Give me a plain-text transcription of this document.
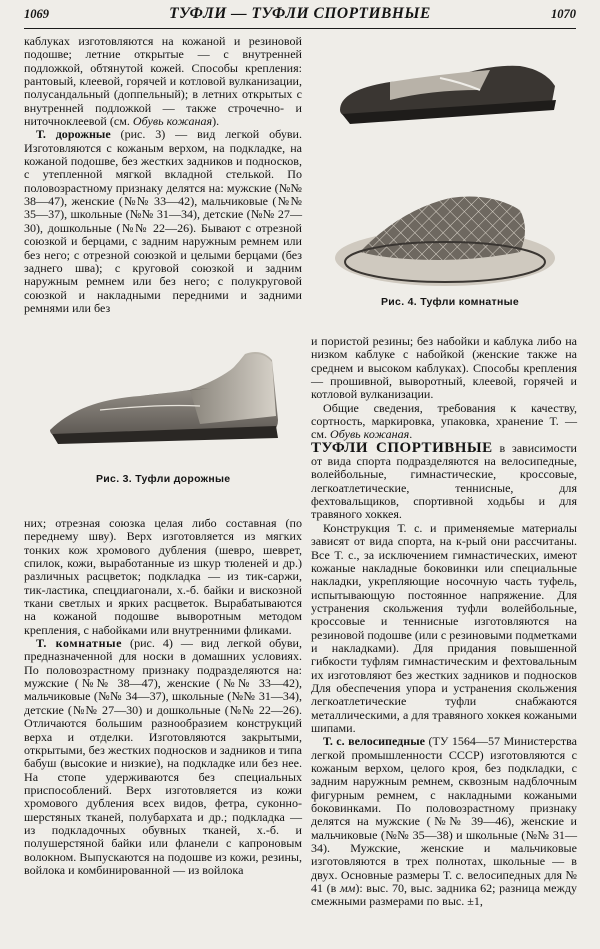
1069	ТУФЛИ — ТУФЛИ СПОРТИВНЫЕ	1070

каблуках изготовляются на кожаной и резиновой подошве; летние открытые — с внутренней подложкой, обтянутой кожей. Способы крепления: рантовый, клеевой, горячей и котловой вулканизации, полусандальный (доппельный); в летних открытых с внутренней подложкой — также строчечно- и ниточноклеевой (см. Обувь кожаная).

Т. дорожные (рис. 3) — вид легкой обуви. Изготовляются с кожаным верхом, на подкладке, на кожаной подошве, без жестких задников и подносков, с утепленной мягкой вкладной стелькой. По половозрастному признаку делятся на: мужские (№№ 38—47), женские (№№ 33—42), мальчиковые (№№ 35—37), школьные (№№ 31—34), детские (№№ 27—30), дошкольные (№№ 22—26). Бывают с отрезной союзкой и берцами, с задним наружным ремнем или без него; с отрезной союзкой и целыми берцами (без заднего шва); с круговой союзкой и задним наружным ремнем или без него; с полукруговой союзкой и накладными передними и задними ремнями или без

Рис. 3. Туфли дорожные

них; отрезная союзка целая либо составная (по переднему шву). Верх изготовляется из мягких тонких кож хромового дубления (шевро, шеврет, спилок, кожи, выработанные из шкур тюленей и др.) различных расцветок; подкладка — из тик-саржи, тик-ластика, спецдиагонали, х.-б. байки и вискозной ткани светлых и ярких расцветок. Вырабатываются на кожаной подошве выворотным методом крепления, с набойками или внутренними фликами.

Т. комнатные (рис. 4) — вид легкой обуви, предназначенной для носки в домашних условиях. По половозрастному признаку подразделяются на: мужские (№№ 38—47), женские (№№ 33—42), мальчиковые (№№ 34—37), школьные (№№ 31—34), детские (№№ 27—30) и дошкольные (№№ 22—26). Отличаются большим разнообразием конструкций верха и отделки. Изготовляются закрытыми, открытыми, без жестких подносков и задников и типа бабуш (высокие и низкие), на подкладке или без нее. На стопе удерживаются без специальных приспособлений. Верх изготовляется из кожи хромового дубления всех видов, фетра, суконно-шерстяных тканей, полубархата и др.; подкладка — из подкладочных обувных тканей, х.-б. и полушерстяной байки или фланели с капроновым волокном. Выпускаются на подошве из кожи, резины, войлока и комбинированной — из войлока

Рис. 4. Туфли комнатные

и пористой резины; без набойки и каблука либо на низком каблуке с набойкой (женские также на среднем и высоком каблуках). Способы крепления — прошивной, выворотный, клеевой, горячей и котловой вулканизации.

Общие сведения, требования к качеству, сортность, маркировка, упаковка, хранение Т. — см. Обувь кожаная.

ТУФЛИ СПОРТИВНЫЕ в зависимости от вида спорта подразделяются на велосипедные, волейбольные, гимнастические, кроссовые, легкоатлетические, теннисные, для фехтовальщиков, спортивной ходьбы и для травяного хоккея.

Конструкция Т. с. и применяемые материалы зависят от вида спорта, на к-рый они рассчитаны. Все Т. с., за исключением гимнастических, имеют кожаные накладные боковинки или специальные накладки, укрепляющие носочную часть туфель, испытывающую постоянное напряжение. Для устранения скольжения туфли волейбольные, кроссовые и теннисные изготовляются на резиновой подошве (или с резиновыми подметками и накладками). Для придания повышенной гибкости туфлям гимнастическим и фехтовальным их изготовляют без жестких задников и подносков Для обеспечения упора и устранения скольжения легкоатлетические туфли снабжаются металлическими, а для травяного хоккея кожаными шипами.

Т. с. велосипедные (ТУ 1564—57 Министерства легкой промышленности СССР) изготовляются с кожаным верхом, целого кроя, без подкладки, с задним наружным ремнем, сквозным надблочным фигурным ремнем, с накладными кожаными боковинками. По половозрастному признаку делятся на мужские (№№ 39—46), женские и мальчиковые (№№ 35—38) и школьные (№№ 31—34). Мужские, женские и мальчиковые изготовляются в трех полнотах, школьные — в двух. Основные размеры Т. с. велосипедных для № 41 (в мм): выс. 70, выс. задника 62; разница между смежными размерами по выс. ±1,
